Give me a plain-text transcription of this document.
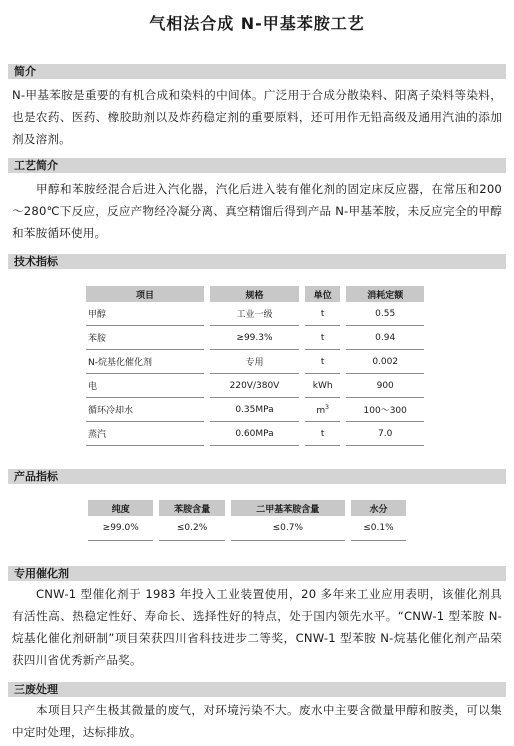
气相法合成 N-甲基苯胺工艺
简介

N-甲基苯胺是重要的有机合成和染料的中间体。广泛用于合成分散染料、阳离子染料等染料，也是农药、医药、橡胶助剂以及炸药稳定剂的重要原料，还可用作无铅高级及通用汽油的添加剂及溶剂。

工艺简介

甲醇和苯胺经混合后进入汽化器，汽化后进入装有催化剂的固定床反应器，在常压和200～280℃下反应，反应产物经冷凝分离、真空精馏后得到产品 N-甲基苯胺，未反应完全的甲醇和苯胺循环使用。

技术指标
项目	规格	单位	消耗定额
甲醇	工业一级	t	0.55
苯胺	≥99.3%	t	0.94
N-烷基化催化剂	专用	t	0.002
电	220V/380V	kWh	900
循环冷却水	0.35MPa	$m^3$	100～300
蒸汽	0.60MPa	t	7.0
产品指标
纯度	苯胺含量	二甲基苯胺含量	水分
≥99.0%	≤0.2%	≤0.7%	≤0.1%
专用催化剂

CNW-1 型催化剂于 1983 年投入工业装置使用，20 多年来工业应用表明，该催化剂具有活性高、热稳定性好、寿命长、选择性好的特点，处于国内领先水平。“CNW-1 型苯胺 N-烷基化催化剂研制”项目荣获四川省科技进步二等奖，CNW-1 型苯胺 N-烷基化催化剂产品荣获四川省优秀新产品奖。

三废处理

本项目只产生极其微量的废气，对环境污染不大。废水中主要含微量甲醇和胺类，可以集中定时处理，达标排放。
